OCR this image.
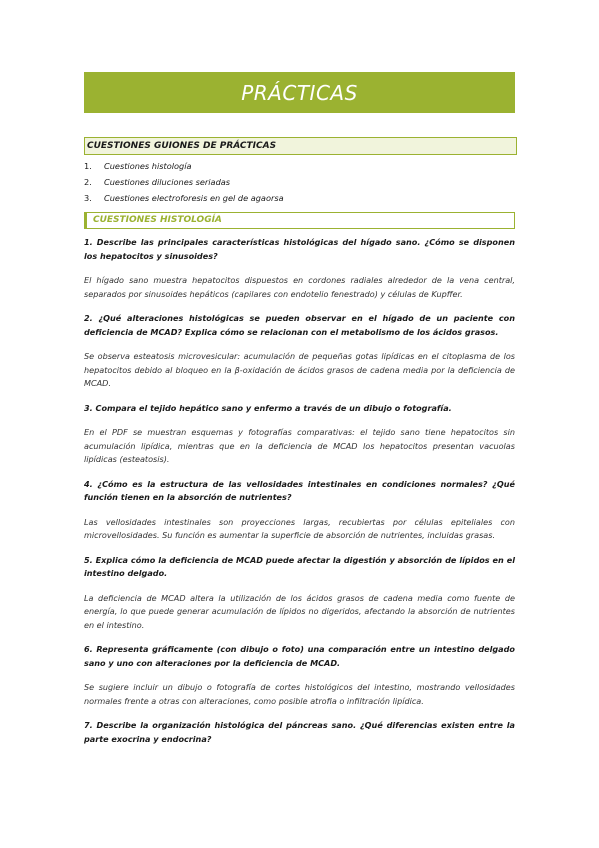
PRÁCTICAS
CUESTIONES GUIONES DE PRÁCTICAS
1.	Cuestiones histología
2.	Cuestiones diluciones seriadas
3.	Cuestiones electroforesis en gel de agaorsa
CUESTIONES HISTOLOGÍA

1. Describe las principales características histológicas del hígado sano. ¿Cómo se disponen los hepatocitos y sinusoides?

El hígado sano muestra hepatocitos dispuestos en cordones radiales alrededor de la vena central, separados por sinusoides hepáticos (capilares con endotelio fenestrado) y células de Kupffer.

2. ¿Qué alteraciones histológicas se pueden observar en el hígado de un paciente con deficiencia de MCAD? Explica cómo se relacionan con el metabolismo de los ácidos grasos.

Se observa esteatosis microvesicular: acumulación de pequeñas gotas lipídicas en el citoplasma de los hepatocitos debido al bloqueo en la β-oxidación de ácidos grasos de cadena media por la deficiencia de MCAD.

3. Compara el tejido hepático sano y enfermo a través de un dibujo o fotografía.

En el PDF se muestran esquemas y fotografías comparativas: el tejido sano tiene hepatocitos sin acumulación lipídica, mientras que en la deficiencia de MCAD los hepatocitos presentan vacuolas lipídicas (esteatosis).

4. ¿Cómo es la estructura de las vellosidades intestinales en condiciones normales? ¿Qué función tienen en la absorción de nutrientes?

Las vellosidades intestinales son proyecciones largas, recubiertas por células epiteliales con microvellosidades. Su función es aumentar la superficie de absorción de nutrientes, incluidas grasas.

5. Explica cómo la deficiencia de MCAD puede afectar la digestión y absorción de lípidos en el intestino delgado.

La deficiencia de MCAD altera la utilización de los ácidos grasos de cadena media como fuente de energía, lo que puede generar acumulación de lípidos no digeridos, afectando la absorción de nutrientes en el intestino.

6. Representa gráficamente (con dibujo o foto) una comparación entre un intestino delgado sano y uno con alteraciones por la deficiencia de MCAD.

Se sugiere incluir un dibujo o fotografía de cortes histológicos del intestino, mostrando vellosidades normales frente a otras con alteraciones, como posible atrofia o infiltración lipídica.

7. Describe la organización histológica del páncreas sano. ¿Qué diferencias existen entre la parte exocrina y endocrina?
